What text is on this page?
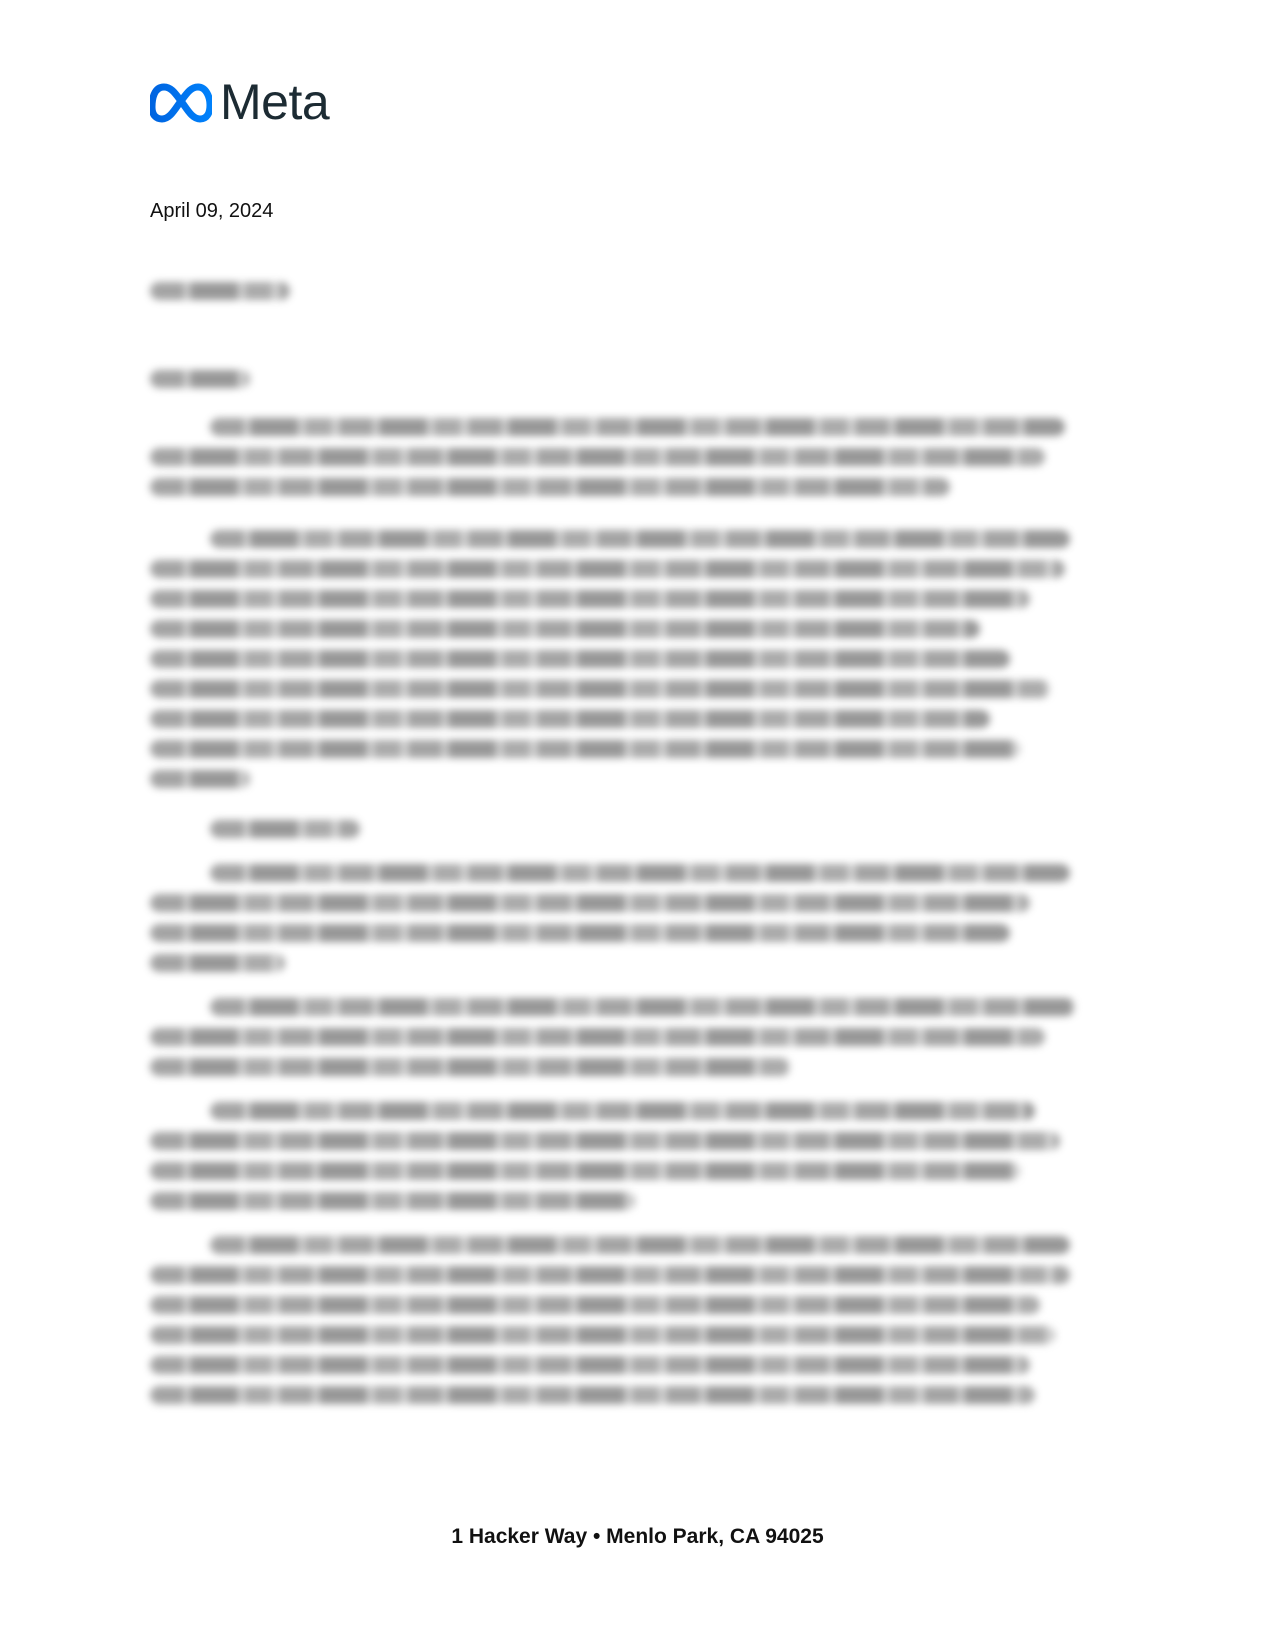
Meta
April 09, 2024
1 Hacker Way • Menlo Park, CA 94025
